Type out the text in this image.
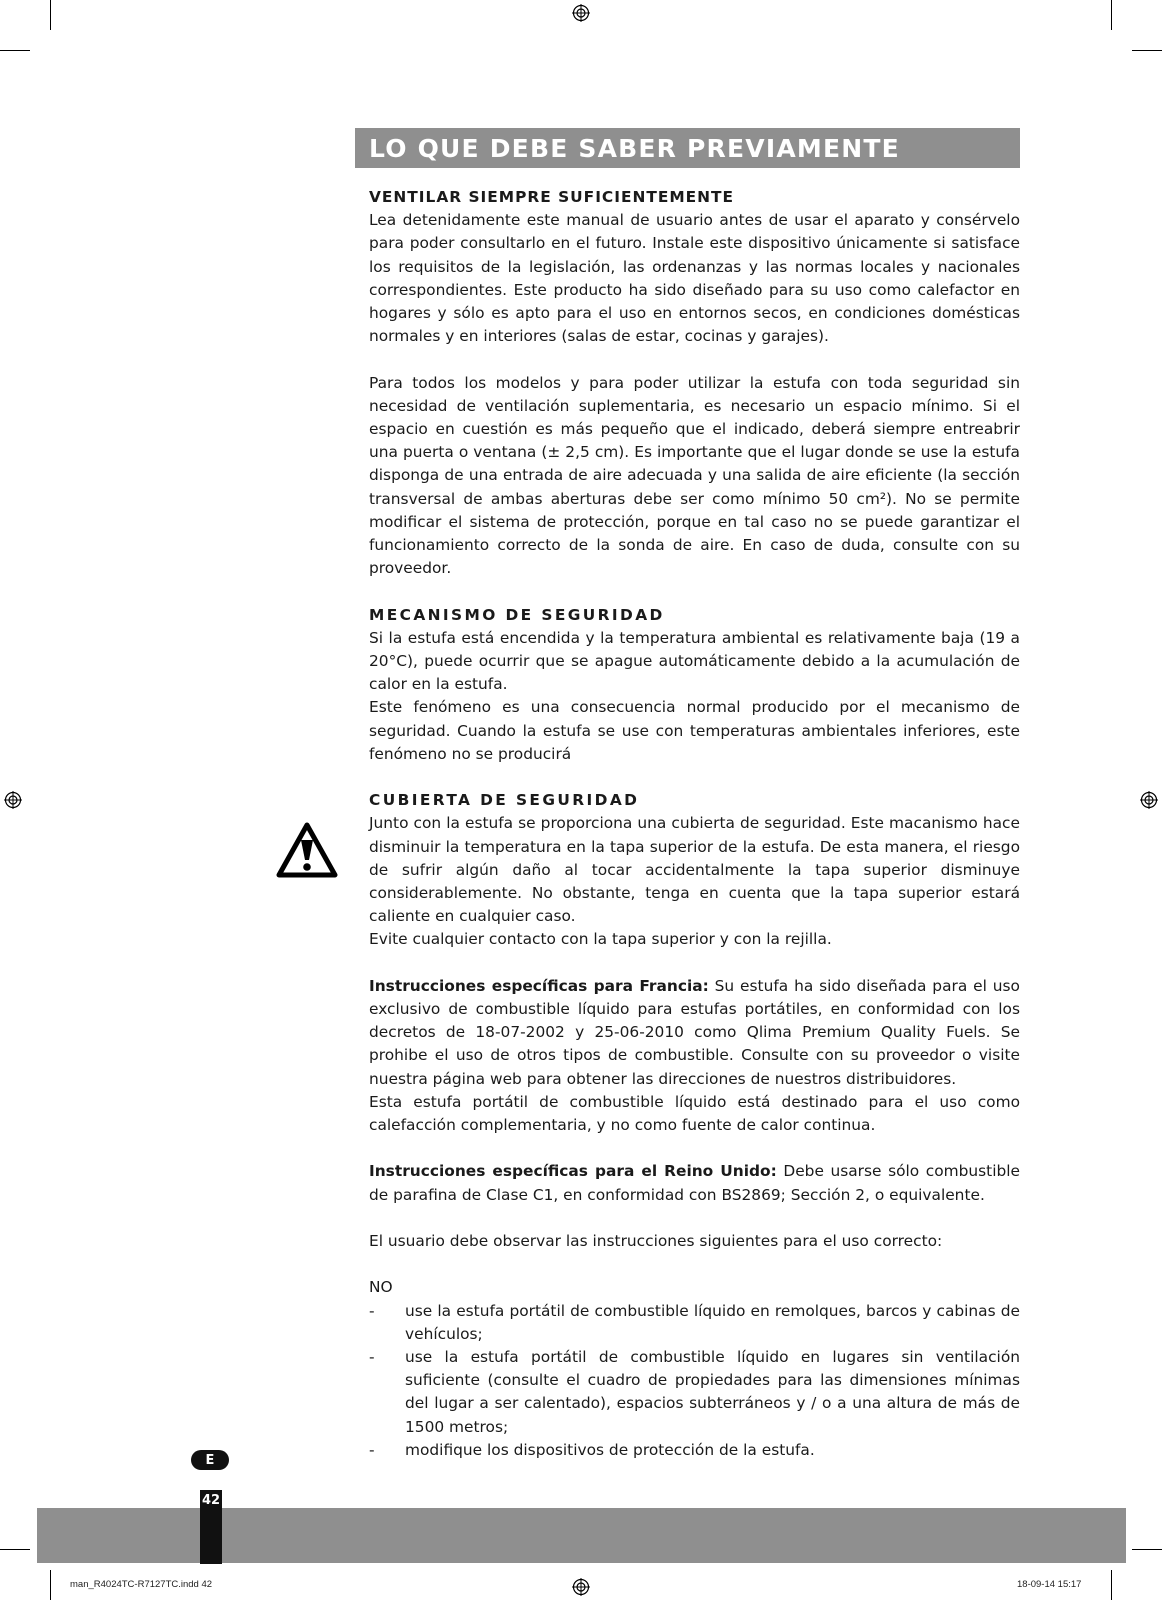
LO QUE DEBE SABER PREVIAMENTE

VENTILAR SIEMPRE SUFICIENTEMENTE

Lea detenidamente este manual de usuario antes de usar el aparato y consérvelo para poder consultarlo en el futuro. Instale este dispositivo únicamente si satisface los requisitos de la legislación, las ordenanzas y las normas locales y nacionales correspondientes. Este producto ha sido diseñado para su uso como calefactor en hogares y sólo es apto para el uso en entornos secos, en condiciones domésticas normales y en interiores (salas de estar, cocinas y garajes).

Para todos los modelos y para poder utilizar la estufa con toda seguridad sin necesidad de ventilación suplementaria, es necesario un espacio mínimo. Si el espacio en cuestión es más pequeño que el indicado, deberá siempre entreabrir una puerta o ventana (± 2,5 cm). Es importante que el lugar donde se use la estufa disponga de una entrada de aire adecuada y una salida de aire eficiente (la sección transversal de ambas aberturas debe ser como mínimo 50 cm²). No se permite modificar el sistema de protección, porque en tal caso no se puede garantizar el funcionamiento correcto de la sonda de aire. En caso de duda, consulte con su proveedor.

MECANISMO DE SEGURIDAD

Si la estufa está encendida y la temperatura ambiental es relativamente baja (19 a 20°C), puede ocurrir que se apague automáticamente debido a la acumulación de calor en la estufa.

Este fenómeno es una consecuencia normal producido por el mecanismo de seguridad. Cuando la estufa se use con temperaturas ambientales inferiores, este fenómeno no se producirá

CUBIERTA DE SEGURIDAD

Junto con la estufa se proporciona una cubierta de seguridad. Este macanismo hace disminuir la temperatura en la tapa superior de la estufa. De esta manera, el riesgo de sufrir algún daño al tocar accidentalmente la tapa superior disminuye considerablemente. No obstante, tenga en cuenta que la tapa superior estará caliente en cualquier caso.

Evite cualquier contacto con la tapa superior y con la rejilla.

Instrucciones específicas para Francia: Su estufa ha sido diseñada para el uso exclusivo de combustible líquido para estufas portátiles, en conformidad con los decretos de 18-07-2002 y 25-06-2010 como Qlima Premium Quality Fuels. Se prohibe el uso de otros tipos de combustible. Consulte con su proveedor o visite nuestra página web para obtener las direcciones de nuestros distribuidores.

Esta estufa portátil de combustible líquido está destinado para el uso como calefacción complementaria, y no como fuente de calor continua.

Instrucciones específicas para el Reino Unido: Debe usarse sólo combustible de parafina de Clase C1, en conformidad con BS2869; Sección 2, o equivalente.

El usuario debe observar las instrucciones siguientes para el uso correcto:

NO

- use la estufa portátil de combustible líquido en remolques, barcos y cabinas de vehículos;
- use la estufa portátil de combustible líquido en lugares sin ventilación suficiente (consulte el cuadro de propiedades para las dimensiones mínimas del lugar a ser calentado), espacios subterráneos y / o a una altura de más de 1500 metros;
- modifique los dispositivos de protección de la estufa.
E
42
man_R4024TC-R7127TC.indd 42	18-09-14 15:17
